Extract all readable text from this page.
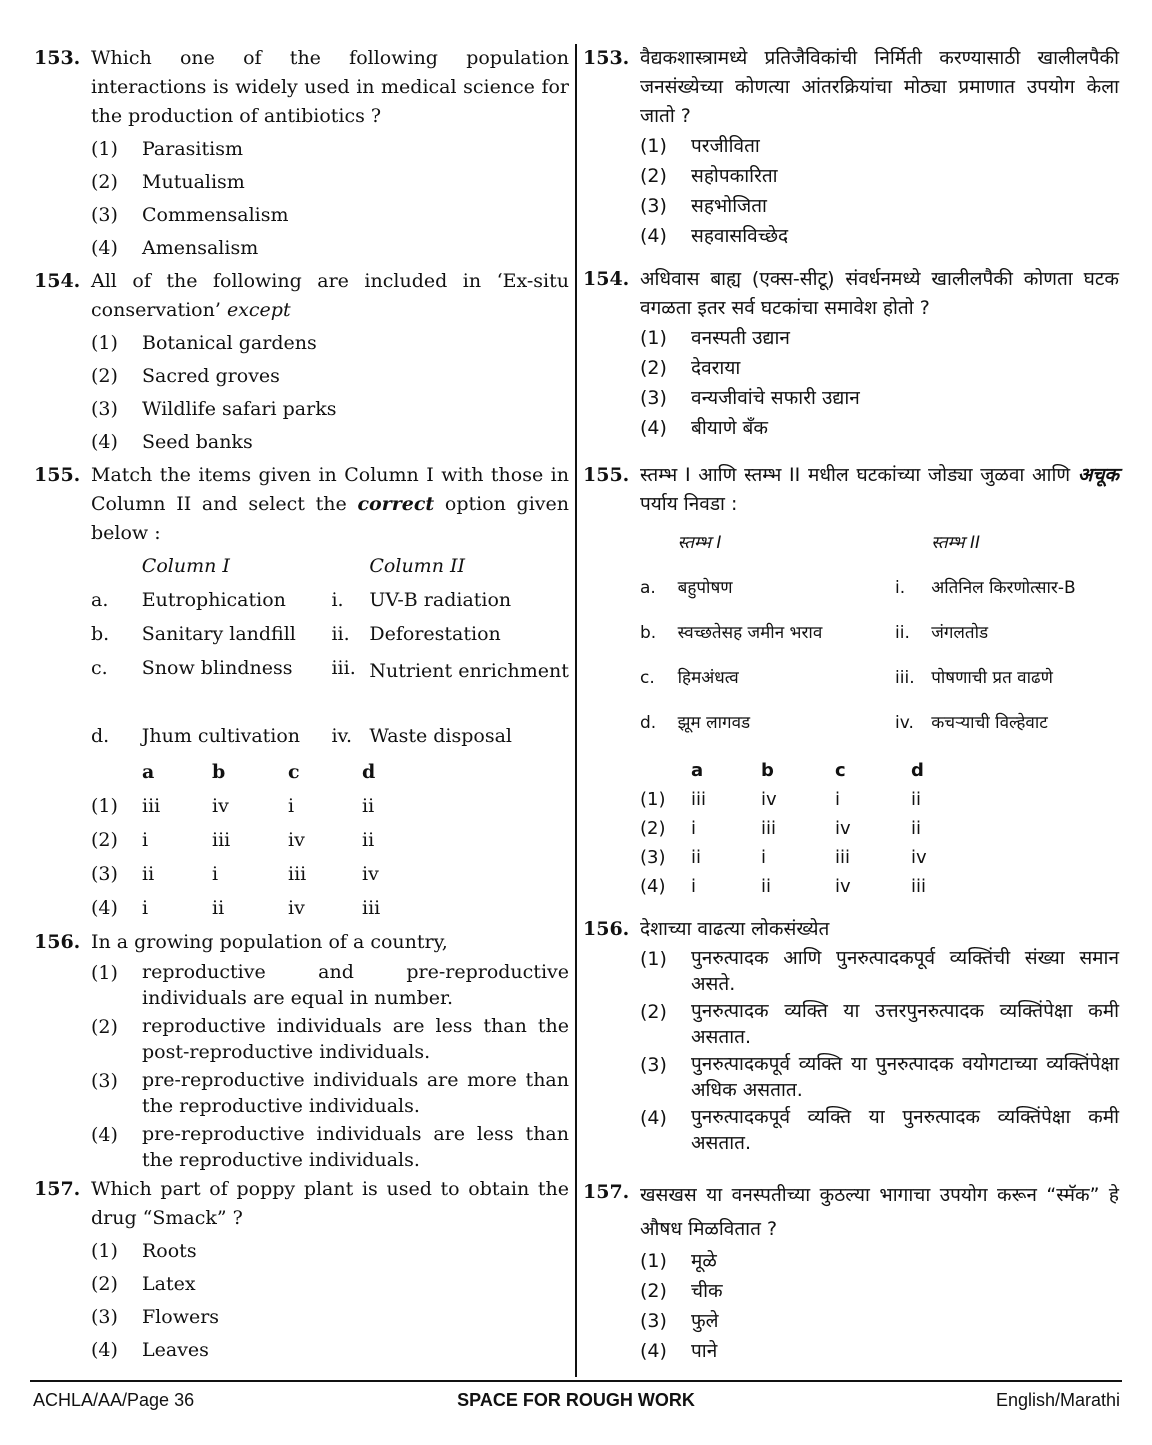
153. Which one of the following population interactions is widely used in medical science for the production of antibiotics ?
(1)	Parasitism
(2)	Mutualism
(3)	Commensalism
(4)	Amensalism
154. All of the following are included in ‘Ex-situ conservation’ except
(1)	Botanical gardens
(2)	Sacred groves
(3)	Wildlife safari parks
(4)	Seed banks
155. Match the items given in Column I with those in Column II and select the correct option given below :
	Column I		Column II
a.	Eutrophication	i.	UV-B radiation
b.	Sanitary landfill	ii.	Deforestation
c.	Snow blindness	iii.	Nutrient enrichment
d.	Jhum cultivation	iv.	Waste disposal
	a	b	c	d
(1)	iii	iv	i	ii
(2)	i	iii	iv	ii
(3)	ii	i	iii	iv
(4)	i	ii	iv	iii
156. In a growing population of a country,
(1)	reproductive and pre-reproductive individuals are equal in number.
(2)	reproductive individuals are less than the post-reproductive individuals.
(3)	pre-reproductive individuals are more than the reproductive individuals.
(4)	pre-reproductive individuals are less than the reproductive individuals.
157. Which part of poppy plant is used to obtain the drug “Smack” ?
(1)	Roots
(2)	Latex
(3)	Flowers
(4)	Leaves
153. वैद्यकशास्त्रामध्ये प्रतिजैविकांची निर्मिती करण्यासाठी खालीलपैकी जनसंख्येच्या कोणत्या आंतरक्रियांचा मोठ्या प्रमाणात उपयोग केला जातो ?
(1)	परजीविता
(2)	सहोपकारिता
(3)	सहभोजिता
(4)	सहवासविच्छेद
154. अधिवास बाह्य (एक्स-सीटू) संवर्धनमध्ये खालीलपैकी कोणता घटक वगळता इतर सर्व घटकांचा समावेश होतो ?
(1)	वनस्पती उद्यान
(2)	देवराया
(3)	वन्यजीवांचे सफारी उद्यान
(4)	बीयाणे बँक
155. स्तम्भ I आणि स्तम्भ II मधील घटकांच्या जोड्या जुळवा आणि अचूक पर्याय निवडा :
	स्तम्भ I		स्तम्भ II
a.	बहुपोषण	i.	अतिनिल किरणोत्सार-B
b.	स्वच्छतेसह जमीन भराव	ii.	जंगलतोड
c.	हिमअंधत्व	iii.	पोषणाची प्रत वाढणे
d.	झूम लागवड	iv.	कचऱ्याची विल्हेवाट
	a	b	c	d
(1)	iii	iv	i	ii
(2)	i	iii	iv	ii
(3)	ii	i	iii	iv
(4)	i	ii	iv	iii
156. देशाच्या वाढत्या लोकसंख्येत
(1)	पुनरुत्पादक आणि पुनरुत्पादकपूर्व व्यक्तिंची संख्या समान असते.
(2)	पुनरुत्पादक व्यक्ति या उत्तरपुनरुत्पादक व्यक्तिंपेक्षा कमी असतात.
(3)	पुनरुत्पादकपूर्व व्यक्ति या पुनरुत्पादक वयोगटाच्या व्यक्तिंपेक्षा अधिक असतात.
(4)	पुनरुत्पादकपूर्व व्यक्ति या पुनरुत्पादक व्यक्तिंपेक्षा कमी असतात.
157. खसखस या वनस्पतीच्या कुठल्या भागाचा उपयोग करून “स्मॅक” हे औषध मिळवितात ?
(1)	मूळे
(2)	चीक
(3)	फुले
(4)	पाने
SPACE FOR ROUGH WORK
ACHLA/AA/Page 36	English/Marathi
